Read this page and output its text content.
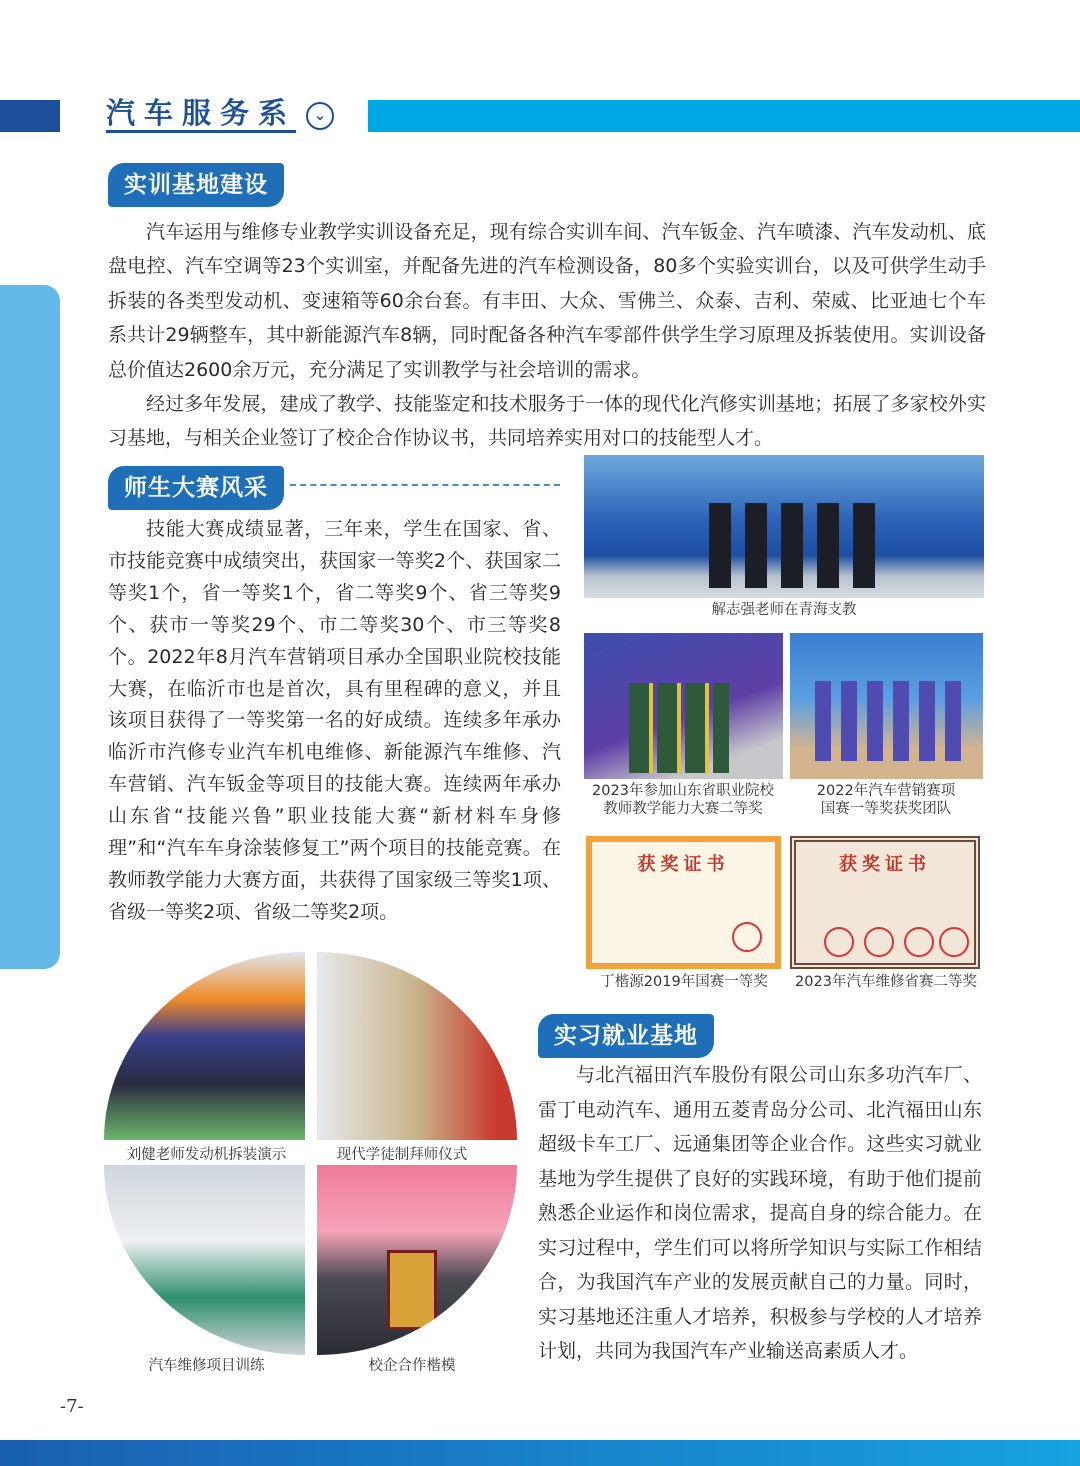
汽车服务系	⌄
实训基地建设

汽车运用与维修专业教学实训设备充足，现有综合实训车间、汽车钣金、汽车喷漆、汽车发动机、底盘电控、汽车空调等23个实训室，并配备先进的汽车检测设备，80多个实验实训台，以及可供学生动手拆装的各类型发动机、变速箱等60余台套。有丰田、大众、雪佛兰、众泰、吉利、荣威、比亚迪七个车系共计29辆整车，其中新能源汽车8辆，同时配备各种汽车零部件供学生学习原理及拆装使用。实训设备总价值达2600余万元，充分满足了实训教学与社会培训的需求。

经过多年发展，建成了教学、技能鉴定和技术服务于一体的现代化汽修实训基地；拓展了多家校外实习基地，与相关企业签订了校企合作协议书，共同培养实用对口的技能型人才。

师生大赛风采

技能大赛成绩显著，三年来，学生在国家、省、市技能竞赛中成绩突出，获国家一等奖2个、获国家二等奖1个，省一等奖1个，省二等奖9个、省三等奖9个、获市一等奖29个、市二等奖30个、市三等奖8个。2022年8月汽车营销项目承办全国职业院校技能大赛，在临沂市也是首次，具有里程碑的意义，并且该项目获得了一等奖第一名的好成绩。连续多年承办临沂市汽修专业汽车机电维修、新能源汽车维修、汽车营销、汽车钣金等项目的技能大赛。连续两年承办山东省“技能兴鲁”职业技能大赛“新材料车身修理”和“汽车车身涂装修复工”两个项目的技能竞赛。在教师教学能力大赛方面，共获得了国家级三等奖1项、省级一等奖2项、省级二等奖2项。

解志强老师在青海支教
2023年参加山东省职业院校
教师教学能力大赛二等奖
2022年汽车营销赛项
国赛一等奖获奖团队
获奖证书
丁楷源2019年国赛一等奖
获奖证书
2023年汽车维修省赛二等奖
刘健老师发动机拆装演示	现代学徒制拜师仪式
汽车维修项目训练	校企合作楷模
实习就业基地

与北汽福田汽车股份有限公司山东多功汽车厂、雷丁电动汽车、通用五菱青岛分公司、北汽福田山东超级卡车工厂、远通集团等企业合作。这些实习就业基地为学生提供了良好的实践环境，有助于他们提前熟悉企业运作和岗位需求，提高自身的综合能力。在实习过程中，学生们可以将所学知识与实际工作相结合，为我国汽车产业的发展贡献自己的力量。同时，实习基地还注重人才培养，积极参与学校的人才培养计划，共同为我国汽车产业输送高素质人才。

-7-
